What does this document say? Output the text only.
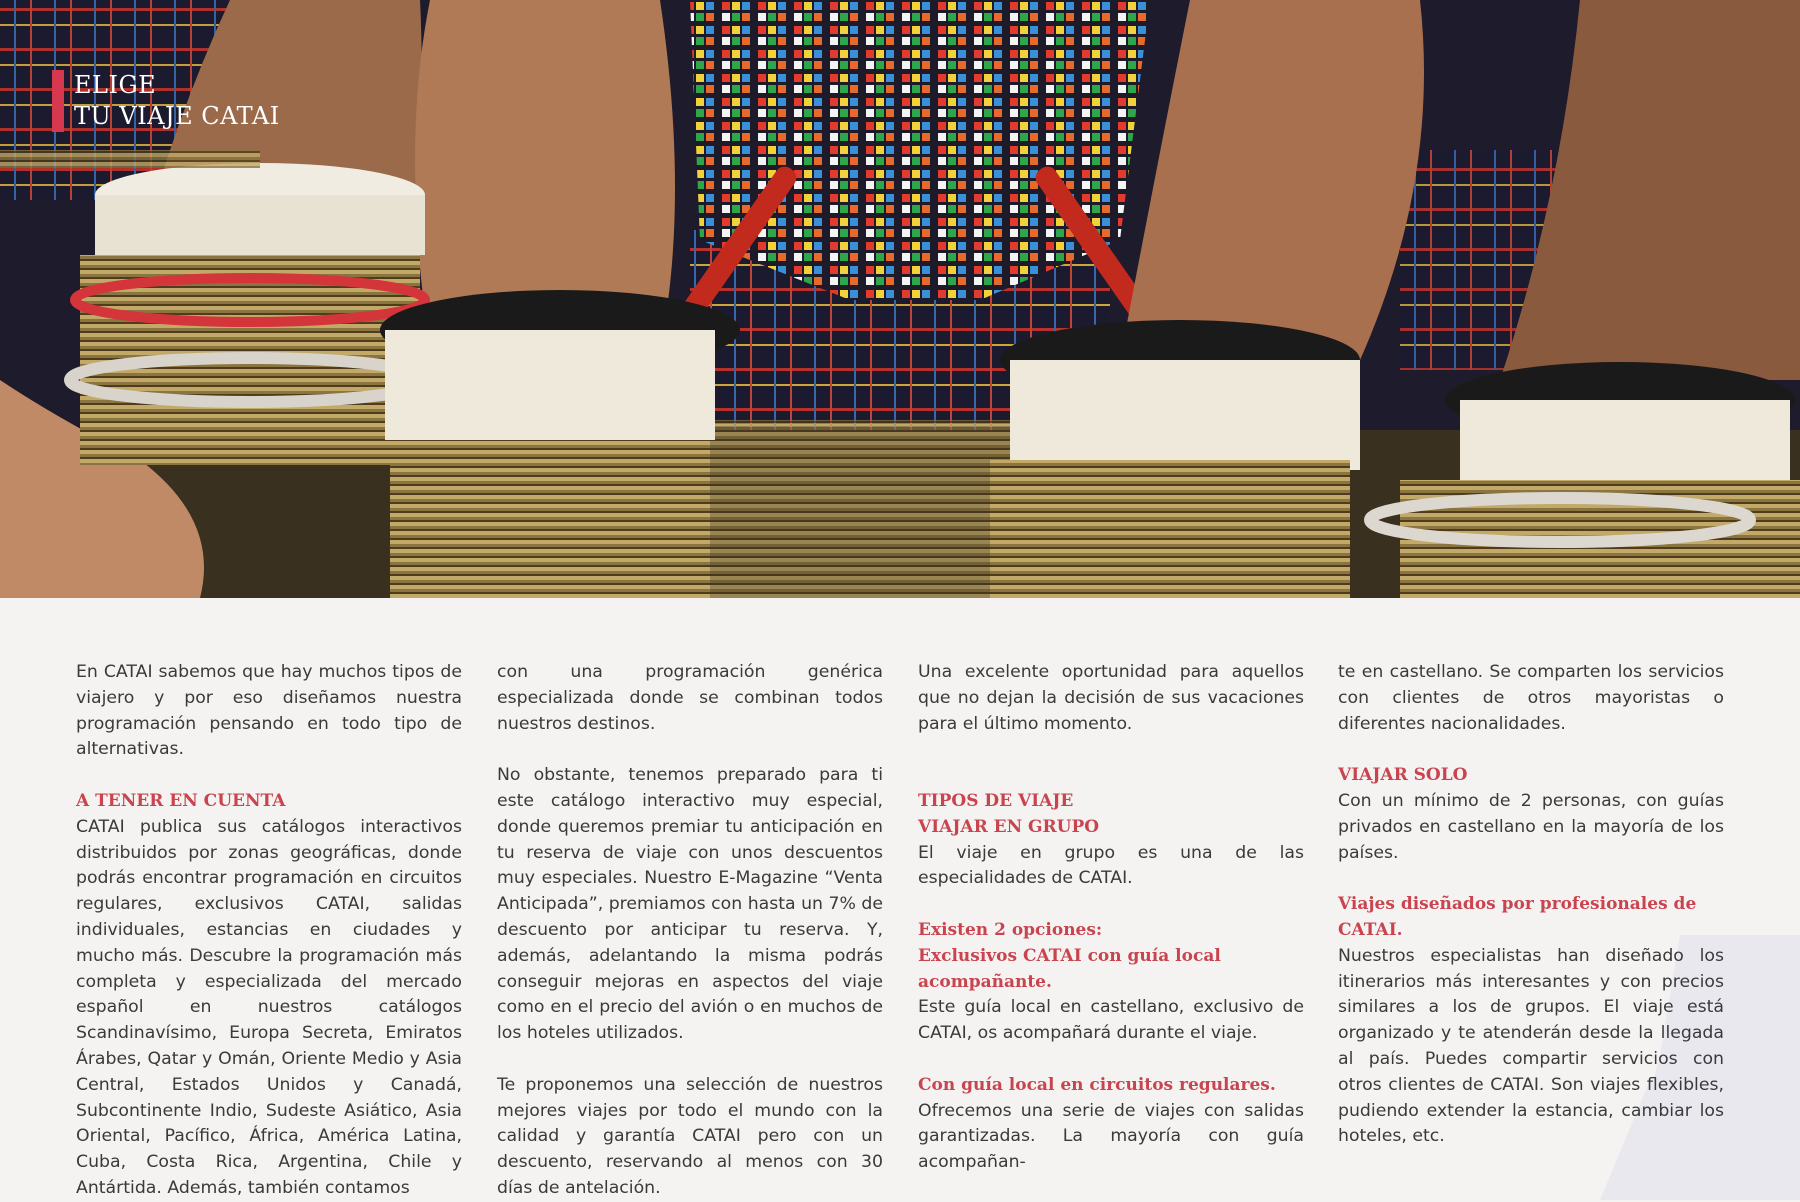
ELIGE
TU VIAJE CATAI

En CATAI sabemos que hay muchos tipos de viajero y por eso diseñamos nuestra programación pensando en todo tipo de alternativas.

A TENER EN CUENTA

CATAI publica sus catálogos interactivos distribuidos por zonas geográficas, donde podrás encontrar programación en circuitos regulares, exclusivos CATAI, salidas individuales, estancias en ciudades y mucho más. Descubre la programación más completa y especializada del mercado español en nuestros catálogos Scandinavísimo, Europa Secreta, Emiratos Árabes, Qatar y Omán, Oriente Medio y Asia Central, Estados Unidos y Canadá, Subcontinente Indio, Sudeste Asiático, Asia Oriental, Pacífico, África, América Latina, Cuba, Costa Rica, Argentina, Chile y Antártida. Además, también contamos

con una programación genérica especializada donde se combinan todos nuestros destinos.

No obstante, tenemos preparado para ti este catálogo interactivo muy especial, donde queremos premiar tu anticipación en tu reserva de viaje con unos descuentos muy especiales. Nuestro E-Magazine “Venta Anticipada”, premiamos con hasta un 7% de descuento por anticipar tu reserva. Y, además, adelantando la misma podrás conseguir mejoras en aspectos del viaje como en el precio del avión o en muchos de los hoteles utilizados.

Te proponemos una selección de nuestros mejores viajes por todo el mundo con la calidad y garantía CATAI pero con un descuento, reservando al menos con 30 días de antelación.

Una excelente oportunidad para aquellos que no dejan la decisión de sus vacaciones para el último momento.

TIPOS DE VIAJE

VIAJAR EN GRUPO

El viaje en grupo es una de las especialidades de CATAI.

Existen 2 opciones:

Exclusivos CATAI con guía local acompañante.

Este guía local en castellano, exclusivo de CATAI, os acompañará durante el viaje.

Con guía local en circuitos regulares.

Ofrecemos una serie de viajes con salidas garantizadas. La mayoría con guía acompañan-

te en castellano. Se comparten los servicios con clientes de otros mayoristas o diferentes nacionalidades.

VIAJAR SOLO

Con un mínimo de 2 personas, con guías privados en castellano en la mayoría de los países.

Viajes diseñados por profesionales de CATAI.

Nuestros especialistas han diseñado los itinerarios más interesantes y con precios similares a los de grupos. El viaje está organizado y te atenderán desde la llegada al país. Puedes compartir servicios con otros clientes de CATAI. Son viajes flexibles, pudiendo extender la estancia, cambiar los hoteles, etc.
